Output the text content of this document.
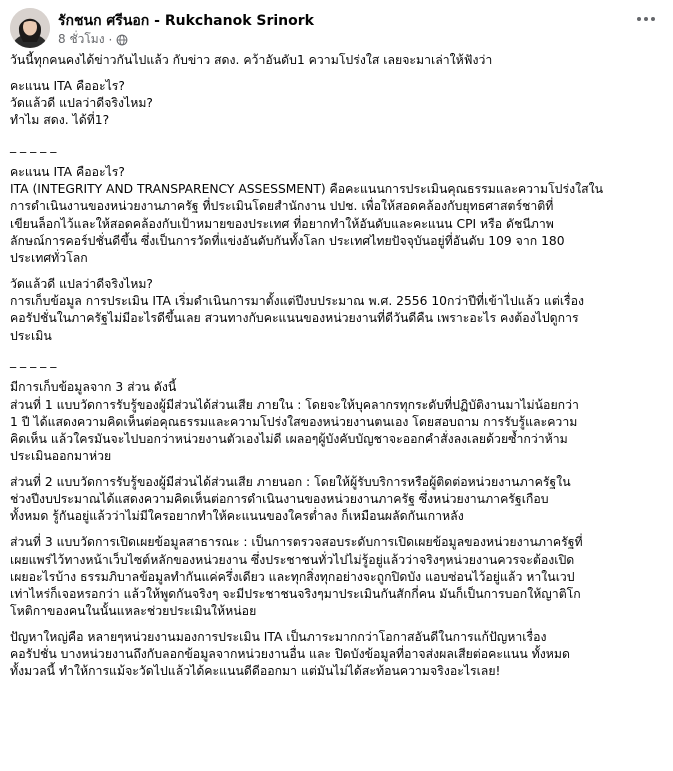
รักชนก ศรีนอก - Rukchanok Srinork
8 ชั่วโมง ·

วันนี้ทุกคนคงได้ข่าวกันไปแล้ว กับข่าว สดง. คว้าอันดับ1 ความโปร่งใส เลยจะมาเล่าให้ฟังว่า

คะแนน ITA คืออะไร?
วัดแล้วดี แปลว่าดีจริงไหม?
ทำไม สดง. ได้ที่1?

_ _ _ _ _

คะแนน ITA คืออะไร?
ITA (INTEGRITY AND TRANSPARENCY ASSESSMENT) คือคะแนนการประเมินคุณธรรมและความโปร่งใสใน
การดำเนินงานของหน่วยงานภาครัฐ ที่ประเมินโดยสำนักงาน ปปช. เพื่อให้สอดคล้องกับยุทธศาสตร์ชาติที่
เขียนล็อกไว้และให้สอดคล้องกับเป้าหมายของประเทศ ที่อยากทำให้อันดับและคะแนน CPI หรือ ดัชนีภาพ
ลักษณ์การคอร์ปชั่นดีขึ้น ซึ่งเป็นการวัดที่แข่งอันดับกันทั้งโลก ประเทศไทยปัจจุบันอยู่ที่อันดับ 109 จาก 180
ประเทศทั่วโลก

วัดแล้วดี แปลว่าดีจริงไหม?
การเก็บข้อมูล การประเมิน ITA เริ่มดำเนินการมาตั้งแต่ปีงบประมาณ พ.ศ. 2556 10กว่าปีที่เข้าไปแล้ว แต่เรื่อง
คอรัปชั่นในภาครัฐไม่มีอะไรดีขึ้นเลย สวนทางกับคะแนนของหน่วยงานที่ดีวันดีคืน เพราะอะไร คงต้องไปดูการ
ประเมิน

_ _ _ _ _

มีการเก็บข้อมูลจาก 3 ส่วน ดังนี้
ส่วนที่ 1 แบบวัดการรับรู้ของผู้มีส่วนได้ส่วนเสีย ภายใน : โดยจะให้บุคลากรทุกระดับที่ปฏิบัติงานมาไม่น้อยกว่า
1 ปี ได้แสดงความคิดเห็นต่อคุณธรรมและความโปร่งใสของหน่วยงานตนเอง โดยสอบถาม การรับรู้และความ
คิดเห็น แล้วใครมันจะไปบอกว่าหน่วยงานตัวเองไม่ดี เผลอๆผู้บังคับบัญชาจะออกคำสั่งลงเลยด้วยซ้ำกว่าห้าม
ประเมินออกมาห่วย

ส่วนที่ 2 แบบวัดการรับรู้ของผู้มีส่วนได้ส่วนเสีย ภายนอก : โดยให้ผู้รับบริการหรือผู้ติดต่อหน่วยงานภาครัฐใน
ช่วงปีงบประมาณได้แสดงความคิดเห็นต่อการดำเนินงานของหน่วยงานภาครัฐ ซึ่งหน่วยงานภาครัฐเกือบ
ทั้งหมด รู้กันอยู่แล้วว่าไม่มีใครอยากทำให้คะแนนของใครต่ำลง ก็เหมือนผลัดกันเกาหลัง

ส่วนที่ 3 แบบวัดการเปิดเผยข้อมูลสาธารณะ : เป็นการตรวจสอบระดับการเปิดเผยข้อมูลของหน่วยงานภาครัฐที่
เผยแพร่ไว้ทางหน้าเว็บไซต์หลักของหน่วยงาน ซึ่งประชาชนทั่วไปไม่รู้อยู่แล้วว่าจริงๆหน่วยงานควรจะต้องเปิด
เผยอะไรบ้าง ธรรมภิบาลข้อมูลทำกันแค่ครึ่งเดียว และทุกสิ่งทุกอย่างจะถูกปิดบัง แอบซ่อนไว้อยู่แล้ว หาในเวป
เท่าไหร่ก็เจอหรอกว่า แล้วให้พูดกันจริงๆ จะมีประชาชนจริงๆมาประเมินกันสักกี่คน มันก็เป็นการบอกให้ญาติโก
โหติกาของคนในนั้นแหละช่วยประเมินให้หน่อย

ปัญหาใหญ่คือ หลายๆหน่วยงานมองการประเมิน ITA เป็นภาระมากกว่าโอกาสอันดีในการแก้ปัญหาเรื่อง
คอรัปชั่น บางหน่วยงานถึงกับลอกข้อมูลจากหน่วยงานอื่น และ ปิดบังข้อมูลที่อาจส่งผลเสียต่อคะแนน ทั้งหมด
ทั้งมวลนี้ ทำให้การแม้จะวัดไปแล้วได้คะแนนดีดีออกมา แต่มันไม่ได้สะท้อนความจริงอะไรเลย!
